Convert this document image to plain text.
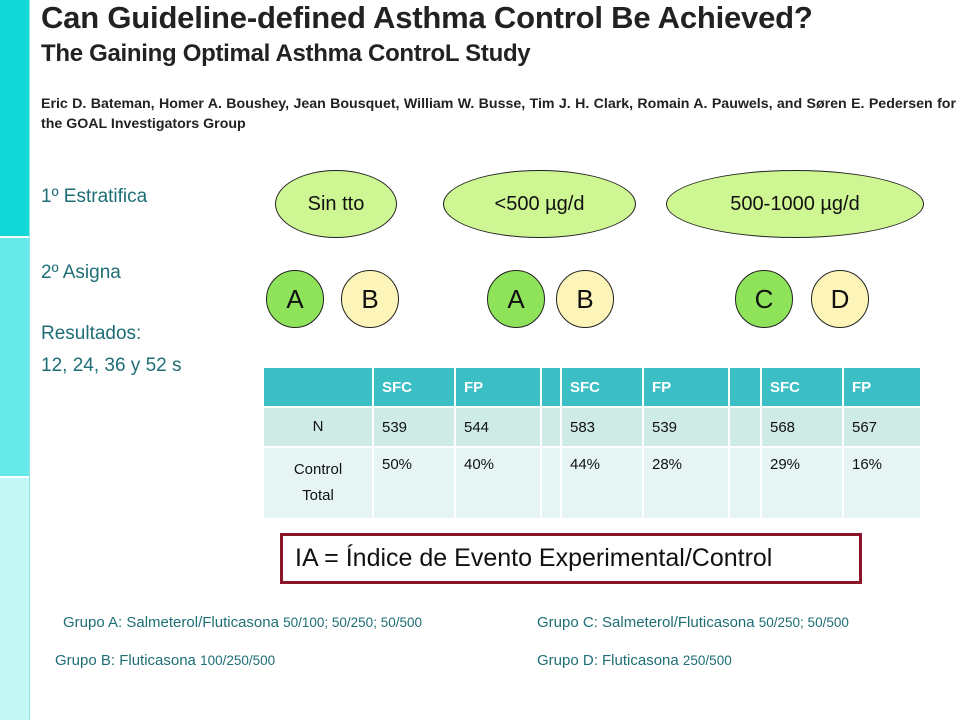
Can Guideline-defined Asthma Control Be Achieved?
The Gaining Optimal Asthma ControL Study
Eric D. Bateman, Homer A. Boushey, Jean Bousquet, William W. Busse, Tim J. H. Clark, Romain A. Pauwels, and Søren E. Pedersen for the GOAL Investigators Group
1º Estratifica
2º Asigna
Resultados:
12, 24, 36 y 52 s
Sin tto	<500 µg/d	500-1000 µg/d
A B	A B	C D
	SFC	FP		SFC	FP		SFC	FP
N	539	544		583	539		568	567

Control
Total	50%	40%		44%	28%		29%	16%
IA = Índice de Evento Experimental/Control
Grupo A: Salmeterol/Fluticasona 50/100; 50/250; 50/500	Grupo C: Salmeterol/Fluticasona 50/250; 50/500
Grupo B: Fluticasona 100/250/500	Grupo D: Fluticasona 250/500
